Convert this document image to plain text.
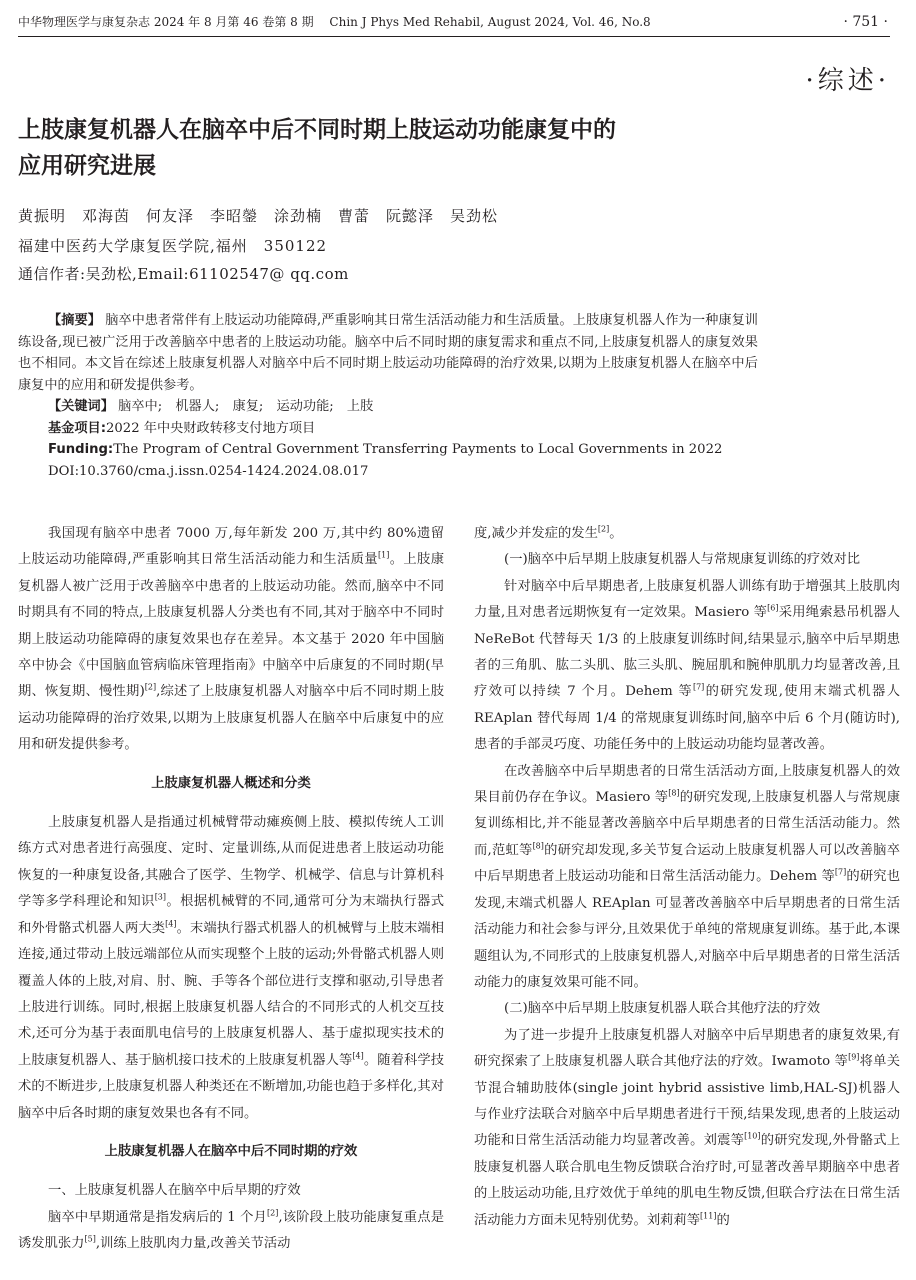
中华物理医学与康复杂志 2024 年 8 月第 46 卷第 8 期　 Chin J Phys Med Rehabil, August 2024, Vol. 46, No.8	· 751 ·
·综述·
上肢康复机器人在脑卒中后不同时期上肢运动功能康复中的
应用研究进展
黄振明　邓海茵　何友泽　李昭鎣　涂劲楠　曹蕾　阮懿泽　吴劲松
福建中医药大学康复医学院,福州　350122
通信作者:吴劲松,Email:61102547@ qq.com

【摘要】 脑卒中患者常伴有上肢运动功能障碍,严重影响其日常生活活动能力和生活质量。上肢康复机器人作为一种康复训练设备,现已被广泛用于改善脑卒中患者的上肢运动功能。脑卒中后不同时期的康复需求和重点不同,上肢康复机器人的康复效果也不相同。本文旨在综述上肢康复机器人对脑卒中后不同时期上肢运动功能障碍的治疗效果,以期为上肢康复机器人在脑卒中后康复中的应用和研发提供参考。

【关键词】 脑卒中;　机器人;　康复;　运动功能;　上肢

基金项目:2022 年中央财政转移支付地方项目

Funding:The Program of Central Government Transferring Payments to Local Governments in 2022

DOI:10.3760/cma.j.issn.0254-1424.2024.08.017

我国现有脑卒中患者 7000 万,每年新发 200 万,其中约 80%遗留上肢运动功能障碍,严重影响其日常生活活动能力和生活质量[1]。上肢康复机器人被广泛用于改善脑卒中患者的上肢运动功能。然而,脑卒中不同时期具有不同的特点,上肢康复机器人分类也有不同,其对于脑卒中不同时期上肢运动功能障碍的康复效果也存在差异。本文基于 2020 年中国脑卒中协会《中国脑血管病临床管理指南》中脑卒中后康复的不同时期(早期、恢复期、慢性期)[2],综述了上肢康复机器人对脑卒中后不同时期上肢运动功能障碍的治疗效果,以期为上肢康复机器人在脑卒中后康复中的应用和研发提供参考。

上肢康复机器人概述和分类

上肢康复机器人是指通过机械臂带动瘫痪侧上肢、模拟传统人工训练方式对患者进行高强度、定时、定量训练,从而促进患者上肢运动功能恢复的一种康复设备,其融合了医学、生物学、机械学、信息与计算机科学等多学科理论和知识[3]。根据机械臂的不同,通常可分为末端执行器式和外骨骼式机器人两大类[4]。末端执行器式机器人的机械臂与上肢末端相连接,通过带动上肢远端部位从而实现整个上肢的运动;外骨骼式机器人则覆盖人体的上肢,对肩、肘、腕、手等各个部位进行支撑和驱动,引导患者上肢进行训练。同时,根据上肢康复机器人结合的不同形式的人机交互技术,还可分为基于表面肌电信号的上肢康复机器人、基于虚拟现实技术的上肢康复机器人、基于脑机接口技术的上肢康复机器人等[4]。随着科学技术的不断进步,上肢康复机器人种类还在不断增加,功能也趋于多样化,其对脑卒中后各时期的康复效果也各有不同。

上肢康复机器人在脑卒中后不同时期的疗效

一、上肢康复机器人在脑卒中后早期的疗效

脑卒中早期通常是指发病后的 1 个月[2],该阶段上肢功能康复重点是诱发肌张力[5],训练上肢肌肉力量,改善关节活动

度,减少并发症的发生[2]。

(一)脑卒中后早期上肢康复机器人与常规康复训练的疗效对比

针对脑卒中后早期患者,上肢康复机器人训练有助于增强其上肢肌肉力量,且对患者远期恢复有一定效果。Masiero 等[6]采用绳索悬吊机器人 NeReBot 代替每天 1/3 的上肢康复训练时间,结果显示,脑卒中后早期患者的三角肌、肱二头肌、肱三头肌、腕屈肌和腕伸肌肌力均显著改善,且疗效可以持续 7 个月。Dehem 等[7]的研究发现,使用末端式机器人 REAplan 替代每周 1/4 的常规康复训练时间,脑卒中后 6 个月(随访时),患者的手部灵巧度、功能任务中的上肢运动功能均显著改善。

在改善脑卒中后早期患者的日常生活活动方面,上肢康复机器人的效果目前仍存在争议。Masiero 等[8]的研究发现,上肢康复机器人与常规康复训练相比,并不能显著改善脑卒中后早期患者的日常生活活动能力。然而,范虹等[8]的研究却发现,多关节复合运动上肢康复机器人可以改善脑卒中后早期患者上肢运动功能和日常生活活动能力。Dehem 等[7]的研究也发现,末端式机器人 REAplan 可显著改善脑卒中后早期患者的日常生活活动能力和社会参与评分,且效果优于单纯的常规康复训练。基于此,本课题组认为,不同形式的上肢康复机器人,对脑卒中后早期患者的日常生活活动能力的康复效果可能不同。

(二)脑卒中后早期上肢康复机器人联合其他疗法的疗效

为了进一步提升上肢康复机器人对脑卒中后早期患者的康复效果,有研究探索了上肢康复机器人联合其他疗法的疗效。Iwamoto 等[9]将单关节混合辅助肢体(single joint hybrid assistive limb,HAL-SJ)机器人与作业疗法联合对脑卒中后早期患者进行干预,结果发现,患者的上肢运动功能和日常生活活动能力均显著改善。刘震等[10]的研究发现,外骨骼式上肢康复机器人联合肌电生物反馈联合治疗时,可显著改善早期脑卒中患者的上肢运动功能,且疗效优于单纯的肌电生物反馈,但联合疗法在日常生活活动能力方面未见特别优势。刘莉莉等[11]的
